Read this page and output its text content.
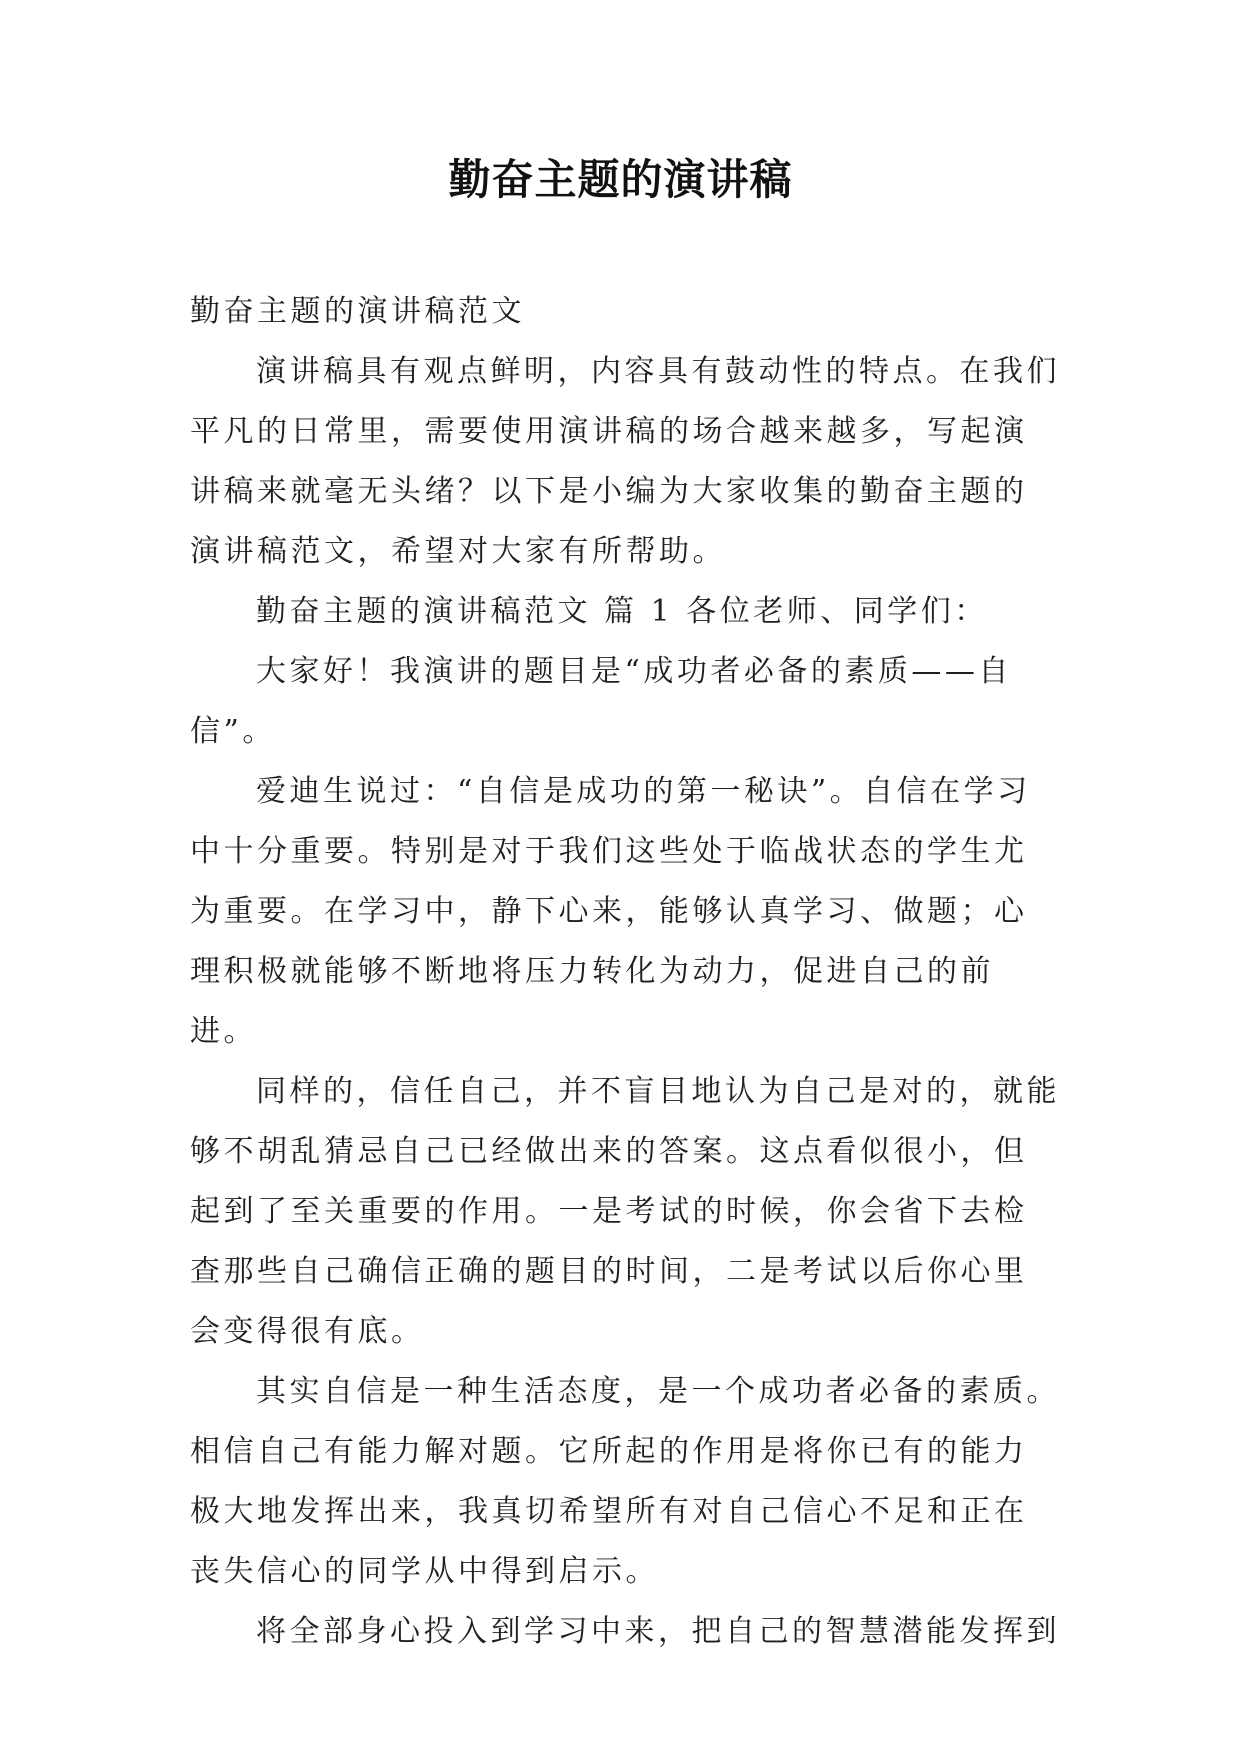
勤奋主题的演讲稿

勤奋主题的演讲稿范文

演讲稿具有观点鲜明，内容具有鼓动性的特点。在我们平凡的日常里，需要使用演讲稿的场合越来越多，写起演讲稿来就毫无头绪？以下是小编为大家收集的勤奋主题的演讲稿范文，希望对大家有所帮助。

勤奋主题的演讲稿范文 篇 1 各位老师、同学们：

大家好！我演讲的题目是“成功者必备的素质——自信”。

爱迪生说过：“自信是成功的第一秘诀”。自信在学习中十分重要。特别是对于我们这些处于临战状态的学生尤为重要。在学习中，静下心来，能够认真学习、做题；心理积极就能够不断地将压力转化为动力，促进自己的前进。

同样的，信任自己，并不盲目地认为自己是对的，就能够不胡乱猜忌自己已经做出来的答案。这点看似很小，但起到了至关重要的作用。一是考试的时候，你会省下去检查那些自己确信正确的题目的时间，二是考试以后你心里会变得很有底。

其实自信是一种生活态度，是一个成功者必备的素质。相信自己有能力解对题。它所起的作用是将你已有的能力极大地发挥出来，我真切希望所有对自己信心不足和正在丧失信心的同学从中得到启示。

将全部身心投入到学习中来，把自己的智慧潜能发挥到
